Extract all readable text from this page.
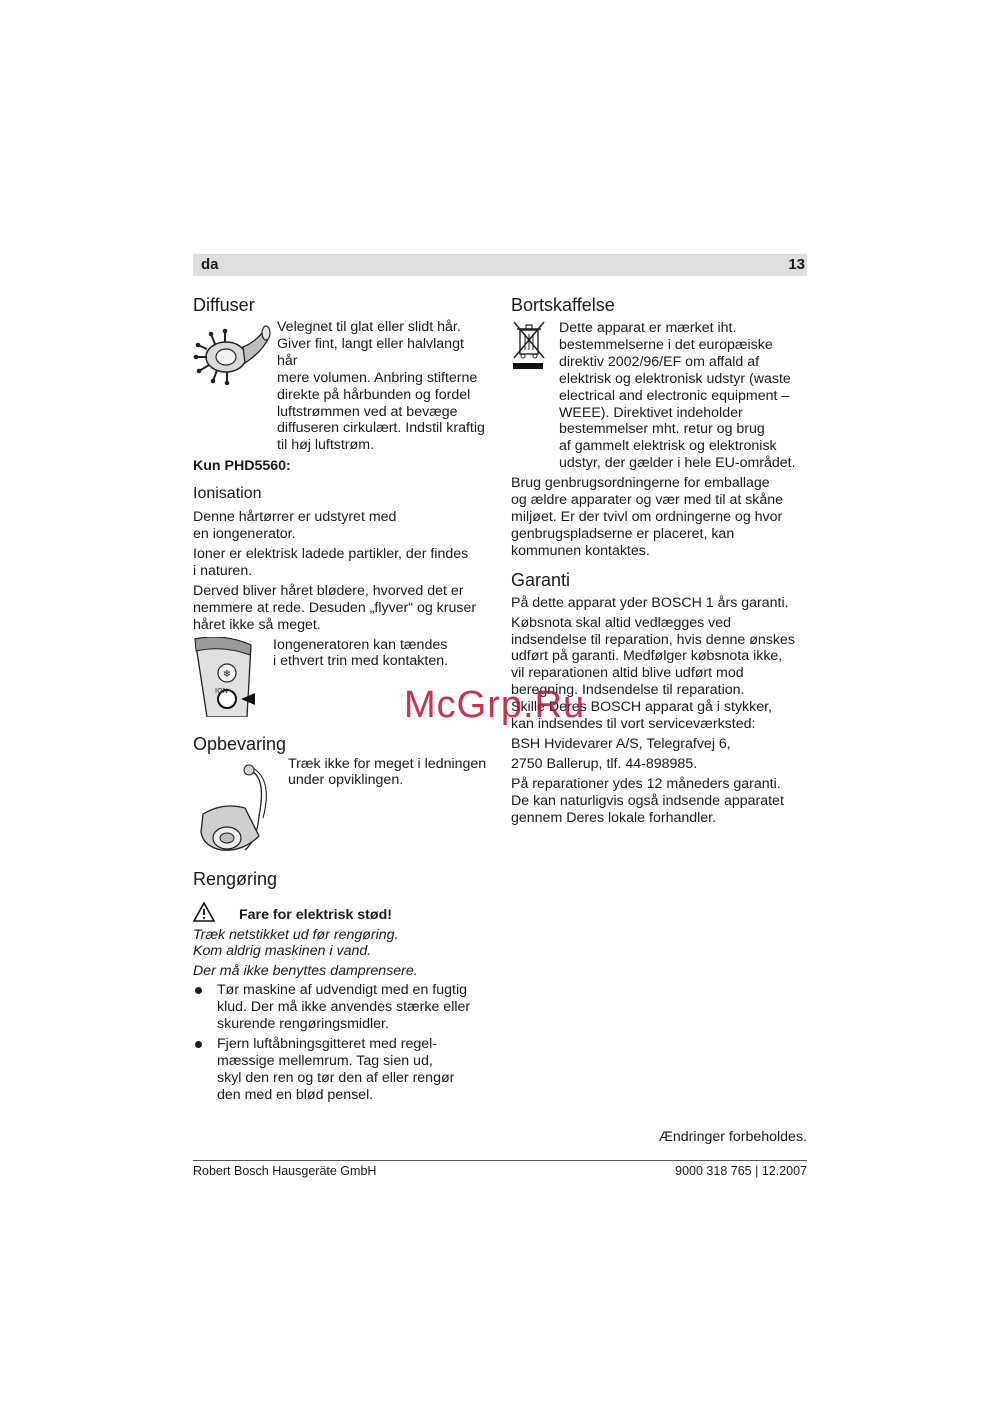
da	13
Diffuser

Velegnet til glat eller slidt hår.

Giver fint, langt eller halvlangt hår

mere volumen. Anbring stifterne

direkte på hårbunden og fordel

luftstrømmen ved at bevæge

diffuseren cirkulært. Indstil kraftig

til høj luftstrøm.

Kun PHD5560:

Ionisation

Denne hårtørrer er udstyret med

en iongenerator.

Ioner er elektrisk ladede partikler, der findes

i naturen.

Derved bliver håret blødere, hvorved det er

nemmere at rede. Desuden „flyver“ og kruser

håret ikke så meget.

❄
ION

Iongeneratoren kan tændes

i ethvert trin med kontakten.

Opbevaring

Træk ikke for meget i ledningen

under opviklingen.

Rengøring
Fare for elektrisk stød!

Træk netstikket ud før rengøring.

Kom aldrig maskinen i vand.

Der må ikke benyttes damprensere.

Tør maskine af udvendigt med en fugtig
klud. Der må ikke anvendes stærke eller
skurende rengøringsmidler.
Fjern luftåbningsgitteret med regel-
mæssige mellemrum. Tag sien ud,
skyl den ren og tør den af eller rengør
den med en blød pensel.
Bortskaffelse

Dette apparat er mærket iht.

bestemmelserne i det europæiske

direktiv 2002/96/EF om affald af

elektrisk og elektronisk udstyr (waste

electrical and electronic equipment –

WEEE). Direktivet indeholder

bestemmelser mht. retur og brug

af gammelt elektrisk og elektronisk

udstyr, der gælder i hele EU-området.

Brug genbrugsordningerne for emballage

og ældre apparater og vær med til at skåne

miljøet. Er der tvivl om ordningerne og hvor

genbrugspladserne er placeret, kan

kommunen kontaktes.

Garanti

På dette apparat yder BOSCH 1 års garanti.

Købsnota skal altid vedlægges ved

indsendelse til reparation, hvis denne ønskes

udført på garanti. Medfølger købsnota ikke,

vil reparationen altid blive udført mod

beregning. Indsendelse til reparation.

Skille Deres BOSCH apparat gå i stykker,

kan indsendes til vort serviceværksted:

BSH Hvidevarer A/S, Telegrafvej 6,

2750 Ballerup, tlf. 44-898985.

På reparationer ydes 12 måneders garanti.

De kan naturligvis også indsende apparatet

gennem Deres lokale forhandler.

McGrp.Ru
Ændringer forbeholdes.
Robert Bosch Hausgeräte GmbH	9000 318 765 | 12.2007
